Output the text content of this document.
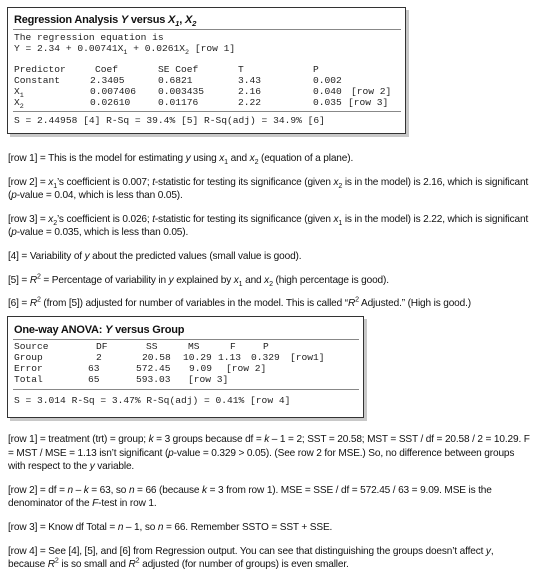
Regression Analysis Y versus $X_1$, $X_2$
The regression equation is
$Y = 2.34 + 0.00741X_1 + 0.0261X_2$ [row 1]
Predictor	Coef	SE Coef	T	P
Constant	2.3405	0.6821	3.43	0.002
$X_1$	0.007406 0.003435	2.16	0.040 [row 2]
$X_2$	0.02610	0.01176	2.22	0.035 [row 3]
S = 2.44958 [4] R-Sq = 39.4% [5] R-Sq(adj) = 34.9% [6]

[row 1] = This is the model for estimating y using $x_1$ and $x_2$ (equation of a plane).

[row $2] = x_1’s$ coefficient is 0.007; t-statistic for testing its significance (given $x_2$ is in the model) is 2.16, which is significant (p-value = 0.04, which is less than 0.05).

[row $3] = x_2’s$ coefficient is 0.026; t-statistic for testing its significance (given $x_1$ is in the model) is 2.22, which is significant (p-value = 0.035, which is less than 0.05).

[4] = Variability of y about the predicted values (small value is good).

$[5] = R^2$ = Percentage of variability in y explained by $x_1$ and $x_2$ (high percentage is good).

$[6] = R^2$ (from [5]) adjusted for number of variables in the model. This is called “$R^2$ Adjusted.” (High is good.)

One-way ANOVA: Y versus Group
Source	DF	SS	MS	F	P
Group	2	20.58 10.29 1.13 0.329 [row1]
Error	63	572.45 9.09 [row 2]
Total	65	593.03 [row 3]
S = 3.014 R-Sq = 3.47% R-Sq(adj) = 0.41% [row 4]

[row 1] = treatment (trt) = group; k = 3 groups because df = k – 1 = 2; SST = 20.58; MST = SST / df = 20.58 / 2 = 10.29. F = MST / MSE = 1.13 isn’t significant (p-value = 0.329 > 0.05). (See row 2 for MSE.) So, no difference between groups with respect to the y variable.

[row 2] = df = n – k = 63, so n = 66 (because k = 3 from row 1). MSE = SSE / df = 572.45 / 63 = 9.09. MSE is the denominator of the F-test in row 1.

[row 3] = Know df Total = n – 1, so n = 66. Remember SSTO = SST + SSE.

[row 4] = See [4], [5], and [6] from Regression output. You can see that distinguishing the groups doesn’t affect y, because $R^2$ is so small and $R^2$ adjusted (for number of groups) is even smaller.
